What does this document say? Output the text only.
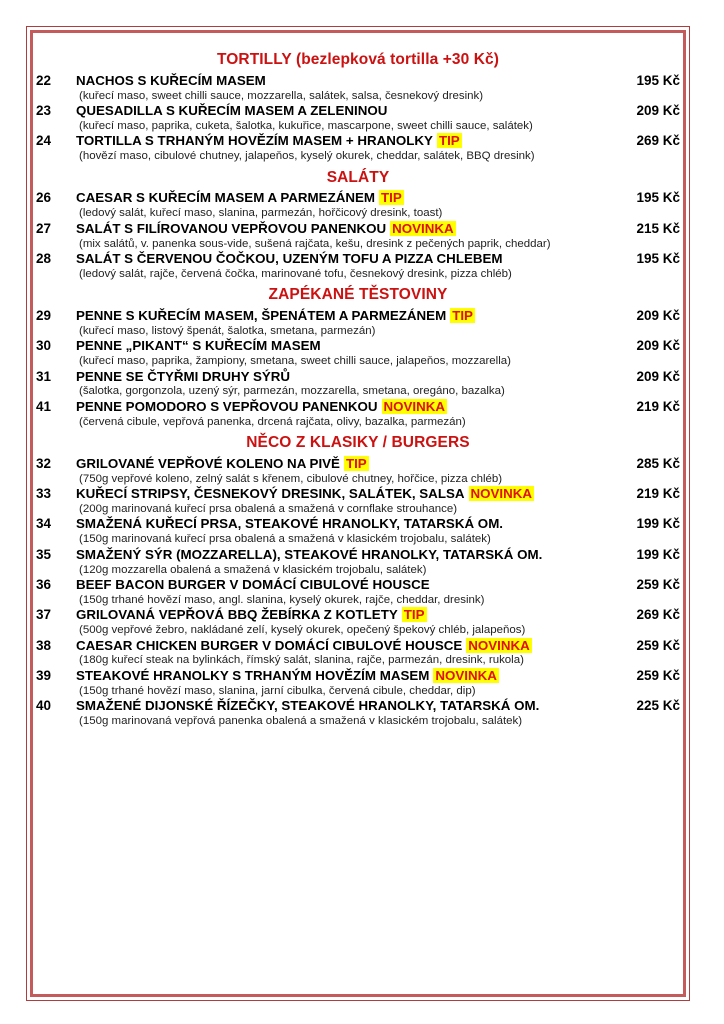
TORTILLY (bezlepková tortilla +30 Kč)
22	NACHOS S KUŘECÍM MASEM	195 Kč
(kuřecí maso, sweet chilli sauce, mozzarella, salátek, salsa, česnekový dresink)
23	QUESADILLA S KUŘECÍM MASEM A ZELENINOU	209 Kč
(kuřecí maso, paprika, cuketa, šalotka, kukuřice, mascarpone, sweet chilli sauce, salátek)
24	TORTILLA S TRHANÝM HOVĚZÍM MASEM + HRANOLKY TIP	269 Kč
(hovězí maso, cibulové chutney, jalapeňos, kyselý okurek, cheddar, salátek, BBQ dresink)
SALÁTY
26	CAESAR S KUŘECÍM MASEM A PARMEZÁNEM TIP	195 Kč
(ledový salát, kuřecí maso, slanina, parmezán, hořčicový dresink, toast)
27	SALÁT S FILÍROVANOU VEPŘOVOU PANENKOU NOVINKA	215 Kč
(mix salátů, v. panenka sous-vide, sušená rajčata, kešu, dresink z pečených paprik, cheddar)
28	SALÁT S ČERVENOU ČOČKOU, UZENÝM TOFU A PIZZA CHLEBEM	195 Kč
(ledový salát, rajče, červená čočka, marinované tofu, česnekový dresink, pizza chléb)
ZAPÉKANÉ TĚSTOVINY
29	PENNE S KUŘECÍM MASEM, ŠPENÁTEM A PARMEZÁNEM TIP	209 Kč
(kuřecí maso, listový špenát, šalotka, smetana, parmezán)
30	PENNE „PIKANT“ S KUŘECÍM MASEM	209 Kč
(kuřecí maso, paprika, žampiony, smetana, sweet chilli sauce, jalapeňos, mozzarella)
31	PENNE SE ČTYŘMI DRUHY SÝRŮ	209 Kč
(šalotka, gorgonzola, uzený sýr, parmezán, mozzarella, smetana, oregáno, bazalka)
41	PENNE POMODORO S VEPŘOVOU PANENKOU NOVINKA	219 Kč
(červená cibule, vepřová panenka, drcená rajčata, olivy, bazalka, parmezán)
NĚCO Z KLASIKY / BURGERS
32	GRILOVANÉ VEPŘOVÉ KOLENO NA PIVĚ TIP	285 Kč
(750g vepřové koleno, zelný salát s křenem, cibulové chutney, hořčice, pizza chléb)
33	KUŘECÍ STRIPSY, ČESNEKOVÝ DRESINK, SALÁTEK, SALSA NOVINKA	219 Kč
(200g marinovaná kuřecí prsa obalená a smažená v cornflake strouhance)
34	SMAŽENÁ KUŘECÍ PRSA, STEAKOVÉ HRANOLKY, TATARSKÁ OM.	199 Kč
(150g marinovaná kuřecí prsa obalená a smažená v klasickém trojobalu, salátek)
35	SMAŽENÝ SÝR (MOZZARELLA), STEAKOVÉ HRANOLKY, TATARSKÁ OM.	199 Kč
(120g mozzarella obalená a smažená v klasickém trojobalu, salátek)
36	BEEF BACON BURGER V DOMÁCÍ CIBULOVÉ HOUSCE	259 Kč
(150g trhané hovězí maso, angl. slanina, kyselý okurek, rajče, cheddar, dresink)
37	GRILOVANÁ VEPŘOVÁ BBQ ŽEBÍRKA Z KOTLETY TIP	269 Kč
(500g vepřové žebro, nakládané zelí, kyselý okurek, opečený špekový chléb, jalapeňos)
38	CAESAR CHICKEN BURGER V DOMÁCÍ CIBULOVÉ HOUSCE NOVINKA	259 Kč
(180g kuřecí steak na bylinkách, římský salát, slanina, rajče, parmezán, dresink, rukola)
39	STEAKOVÉ HRANOLKY S TRHANÝM HOVĚZÍM MASEM NOVINKA	259 Kč
(150g trhané hovězí maso, slanina, jarní cibulka, červená cibule, cheddar, dip)
40	SMAŽENÉ DIJONSKÉ ŘÍZEČKY, STEAKOVÉ HRANOLKY, TATARSKÁ OM.	225 Kč
(150g marinovaná vepřová panenka obalená a smažená v klasickém trojobalu, salátek)
